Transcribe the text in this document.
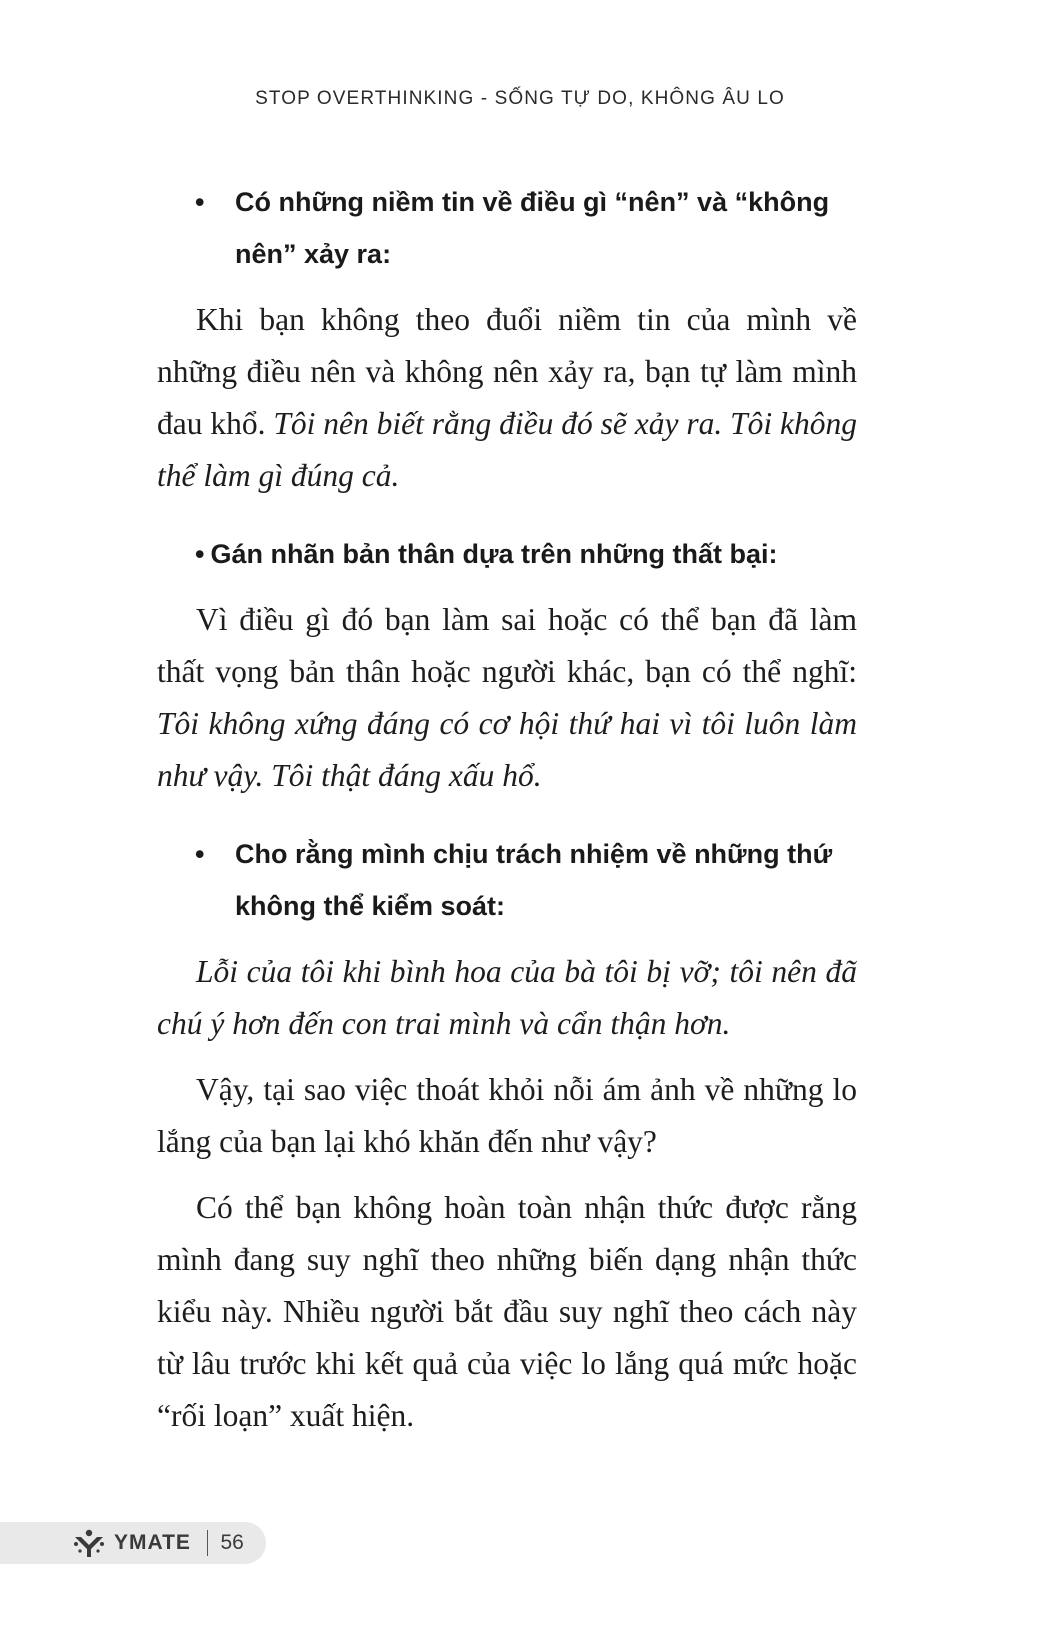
STOP OVERTHINKING - SỐNG TỰ DO, KHÔNG ÂU LO
• Có những niềm tin về điều gì “nên” và “không
nên” xảy ra:

Khi bạn không theo đuổi niềm tin của mình về những điều nên và không nên xảy ra, bạn tự làm mình đau khổ. Tôi nên biết rằng điều đó sẽ xảy ra. Tôi không thể làm gì đúng cả.

• Gán nhãn bản thân dựa trên những thất bại:

Vì điều gì đó bạn làm sai hoặc có thể bạn đã làm thất vọng bản thân hoặc người khác, bạn có thể nghĩ: Tôi không xứng đáng có cơ hội thứ hai vì tôi luôn làm như vậy. Tôi thật đáng xấu hổ.

• Cho rằng mình chịu trách nhiệm về những thứ
không thể kiểm soát:

Lỗi của tôi khi bình hoa của bà tôi bị vỡ; tôi nên đã chú ý hơn đến con trai mình và cẩn thận hơn.

Vậy, tại sao việc thoát khỏi nỗi ám ảnh về những lo lắng của bạn lại khó khăn đến như vậy?

Có thể bạn không hoàn toàn nhận thức được rằng mình đang suy nghĩ theo những biến dạng nhận thức kiểu này. Nhiều người bắt đầu suy nghĩ theo cách này từ lâu trước khi kết quả của việc lo lắng quá mức hoặc “rối loạn” xuất hiện.

YMATE 56
